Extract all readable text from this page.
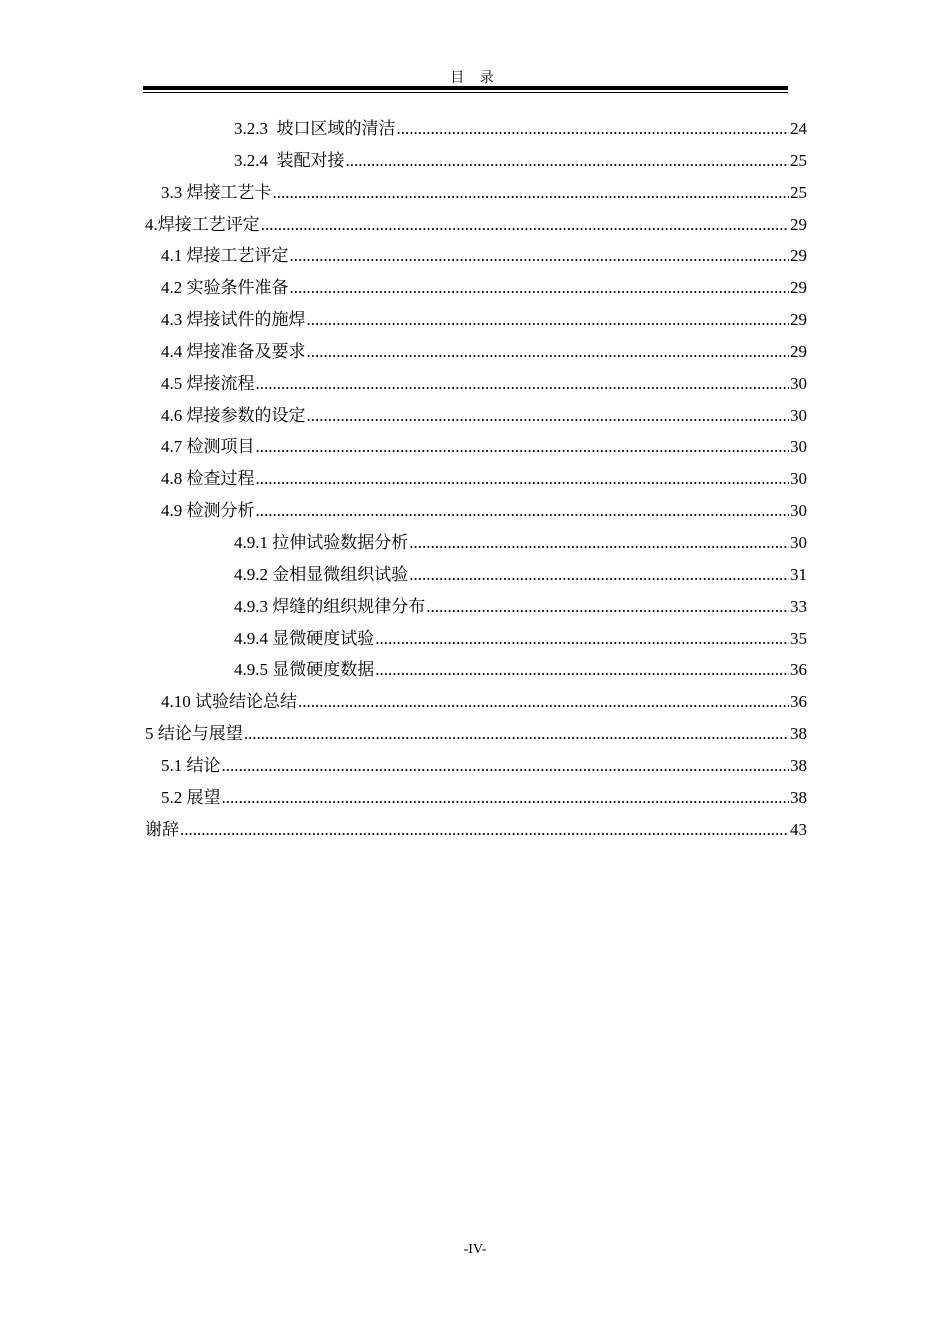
目 录
3.2.3  坡口区域的清洁 .....	24
3.2.4  装配对接 .....	25
3.3 焊接工艺卡 .....	25
4.焊接工艺评定 .....	29
4.1 焊接工艺评定 .....	29
4.2 实验条件准备 .....	29
4.3 焊接试件的施焊 .....	29
4.4 焊接准备及要求 .....	29
4.5 焊接流程 .....	30
4.6 焊接参数的设定 .....	30
4.7 检测项目 .....	30
4.8 检查过程 .....	30
4.9 检测分析 .....	30
4.9.1 拉伸试验数据分析 .....	30
4.9.2 金相显微组织试验 .....	31
4.9.3 焊缝的组织规律分布 .....	33
4.9.4 显微硬度试验 .....	35
4.9.5 显微硬度数据 .....	36
4.10 试验结论总结 .....	36
5 结论与展望 .....	38
5.1 结论 .....	38
5.2 展望 .....	38
谢辞 .....	43
-IV-
